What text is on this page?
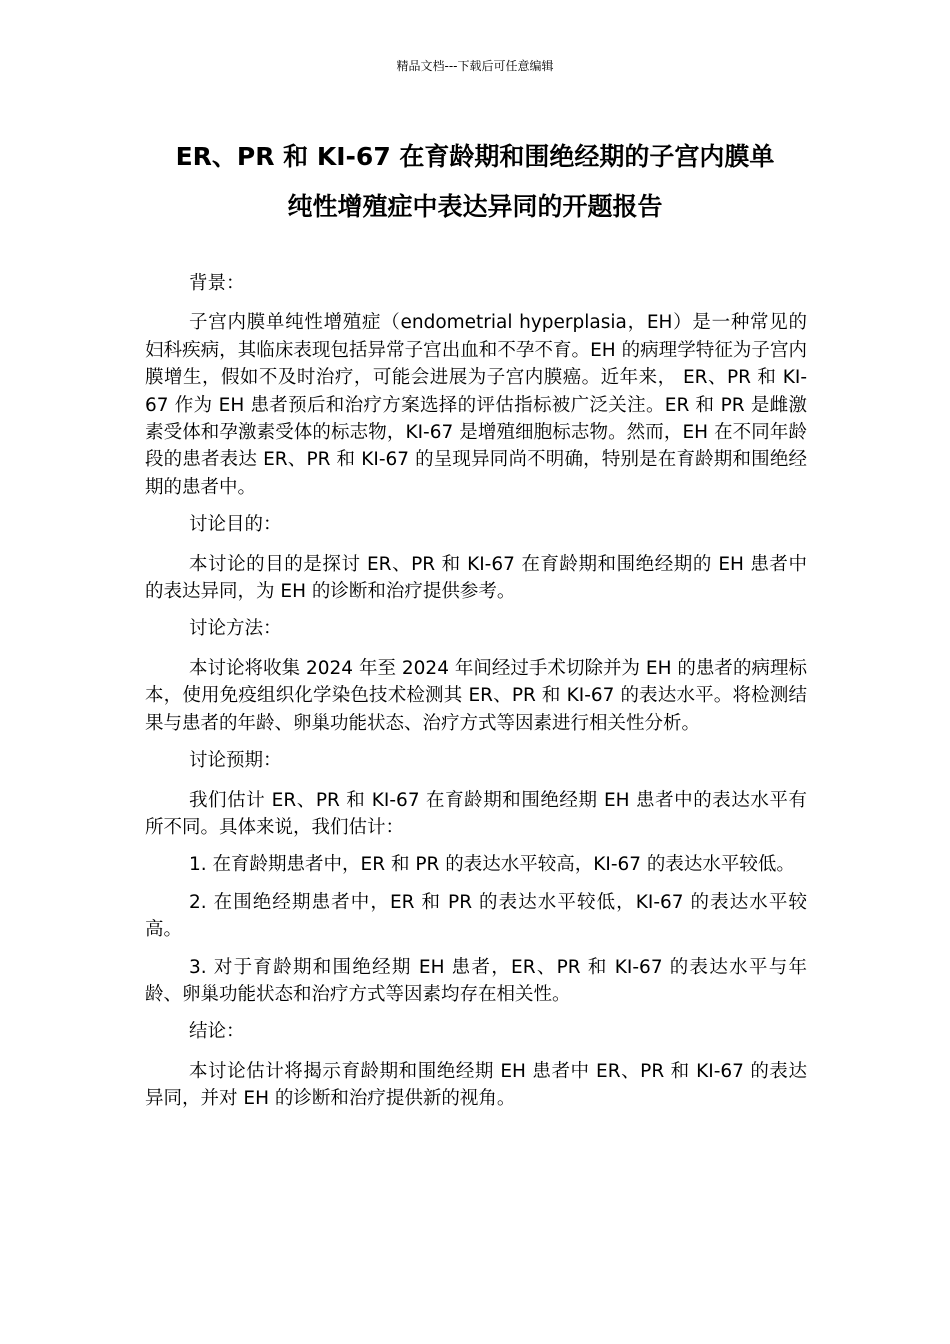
精品文档---下载后可任意编辑
ER、PR 和 KI-67 在育龄期和围绝经期的子宫内膜单
纯性增殖症中表达异同的开题报告

背景：

子宫内膜单纯性增殖症（endometrial hyperplasia，EH）是一种常见的妇科疾病，其临床表现包括异常子宫出血和不孕不育。EH 的病理学特征为子宫内膜增生，假如不及时治疗，可能会进展为子宫内膜癌。近年来， ER、PR 和 KI-67 作为 EH 患者预后和治疗方案选择的评估指标被广泛关注。ER 和 PR 是雌激素受体和孕激素受体的标志物，KI-67 是增殖细胞标志物。然而，EH 在不同年龄段的患者表达 ER、PR 和 KI-67 的呈现异同尚不明确，特别是在育龄期和围绝经期的患者中。

讨论目的：

本讨论的目的是探讨 ER、PR 和 KI-67 在育龄期和围绝经期的 EH 患者中的表达异同，为 EH 的诊断和治疗提供参考。

讨论方法：

本讨论将收集 2024 年至 2024 年间经过手术切除并为 EH 的患者的病理标本，使用免疫组织化学染色技术检测其 ER、PR 和 KI-67 的表达水平。将检测结果与患者的年龄、卵巢功能状态、治疗方式等因素进行相关性分析。

讨论预期：

我们估计 ER、PR 和 KI-67 在育龄期和围绝经期 EH 患者中的表达水平有所不同。具体来说，我们估计：

1. 在育龄期患者中，ER 和 PR 的表达水平较高，KI-67 的表达水平较低。

2. 在围绝经期患者中，ER 和 PR 的表达水平较低，KI-67 的表达水平较高。

3. 对于育龄期和围绝经期 EH 患者，ER、PR 和 KI-67 的表达水平与年龄、卵巢功能状态和治疗方式等因素均存在相关性。

结论：

本讨论估计将揭示育龄期和围绝经期 EH 患者中 ER、PR 和 KI-67 的表达异同，并对 EH 的诊断和治疗提供新的视角。
